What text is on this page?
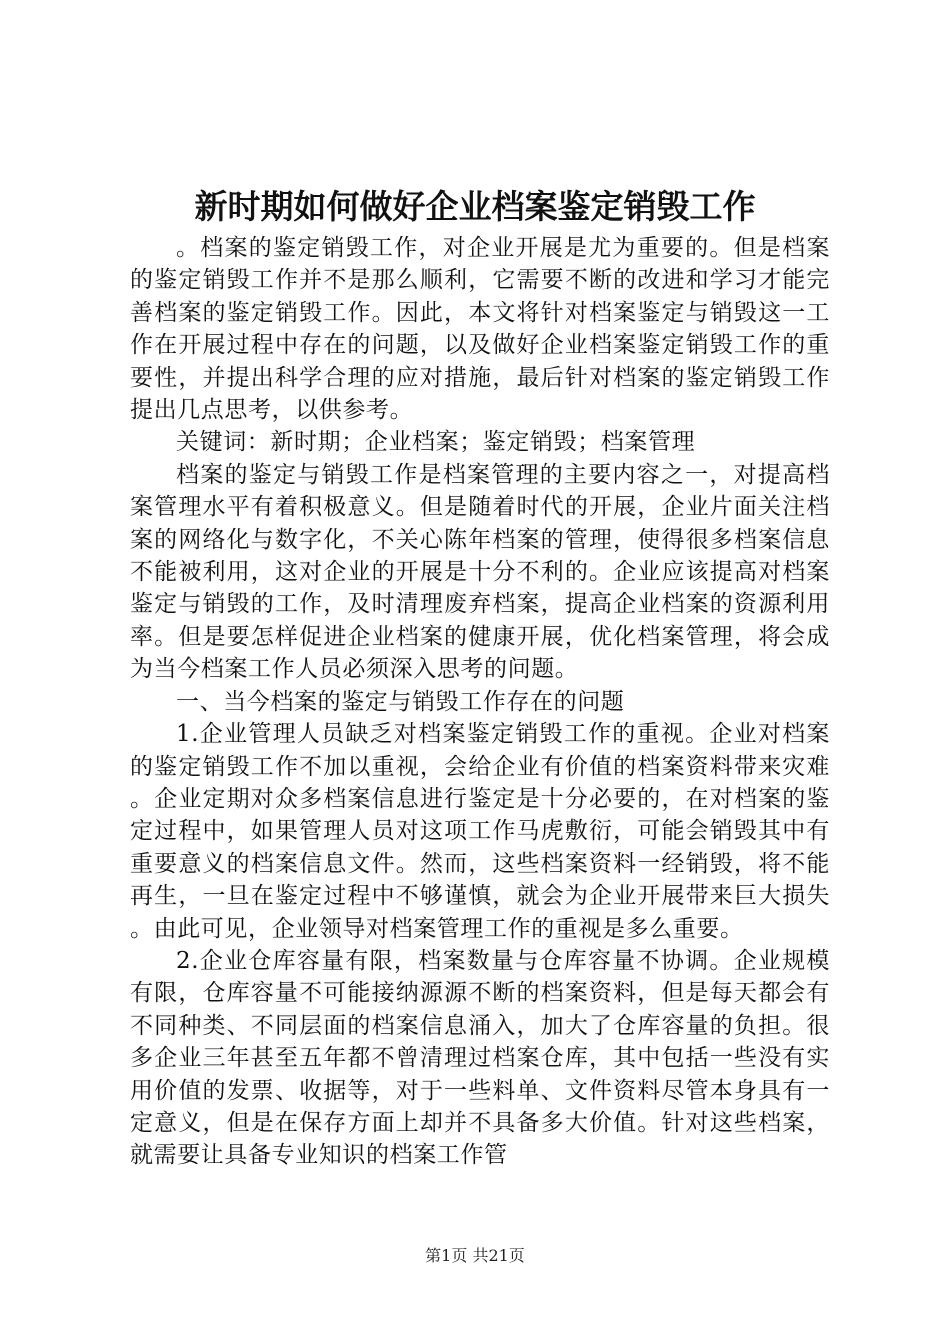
新时期如何做好企业档案鉴定销毁工作

。档案的鉴定销毁工作，对企业开展是尤为重要的。但是档案的鉴定销毁工作并不是那么顺利，它需要不断的改进和学习才能完善档案的鉴定销毁工作。因此，本文将针对档案鉴定与销毁这一工作在开展过程中存在的问题，以及做好企业档案鉴定销毁工作的重要性，并提出科学合理的应对措施，最后针对档案的鉴定销毁工作提出几点思考，以供参考。

关键词：新时期；企业档案；鉴定销毁；档案管理

档案的鉴定与销毁工作是档案管理的主要内容之一，对提高档案管理水平有着积极意义。但是随着时代的开展，企业片面关注档案的网络化与数字化，不关心陈年档案的管理，使得很多档案信息不能被利用，这对企业的开展是十分不利的。企业应该提高对档案鉴定与销毁的工作，及时清理废弃档案，提高企业档案的资源利用率。但是要怎样促进企业档案的健康开展，优化档案管理，将会成为当今档案工作人员必须深入思考的问题。

一、当今档案的鉴定与销毁工作存在的问题

1.企业管理人员缺乏对档案鉴定销毁工作的重视。企业对档案的鉴定销毁工作不加以重视，会给企业有价值的档案资料带来灾难。企业定期对众多档案信息进行鉴定是十分必要的，在对档案的鉴定过程中，如果管理人员对这项工作马虎敷衍，可能会销毁其中有重要意义的档案信息文件。然而，这些档案资料一经销毁，将不能再生，一旦在鉴定过程中不够谨慎，就会为企业开展带来巨大损失。由此可见，企业领导对档案管理工作的重视是多么重要。

2.企业仓库容量有限，档案数量与仓库容量不协调。企业规模有限，仓库容量不可能接纳源源不断的档案资料，但是每天都会有不同种类、不同层面的档案信息涌入，加大了仓库容量的负担。很多企业三年甚至五年都不曾清理过档案仓库，其中包括一些没有实用价值的发票、收据等，对于一些料单、文件资料尽管本身具有一定意义，但是在保存方面上却并不具备多大价值。针对这些档案，就需要让具备专业知识的档案工作管

第1页 共21页
